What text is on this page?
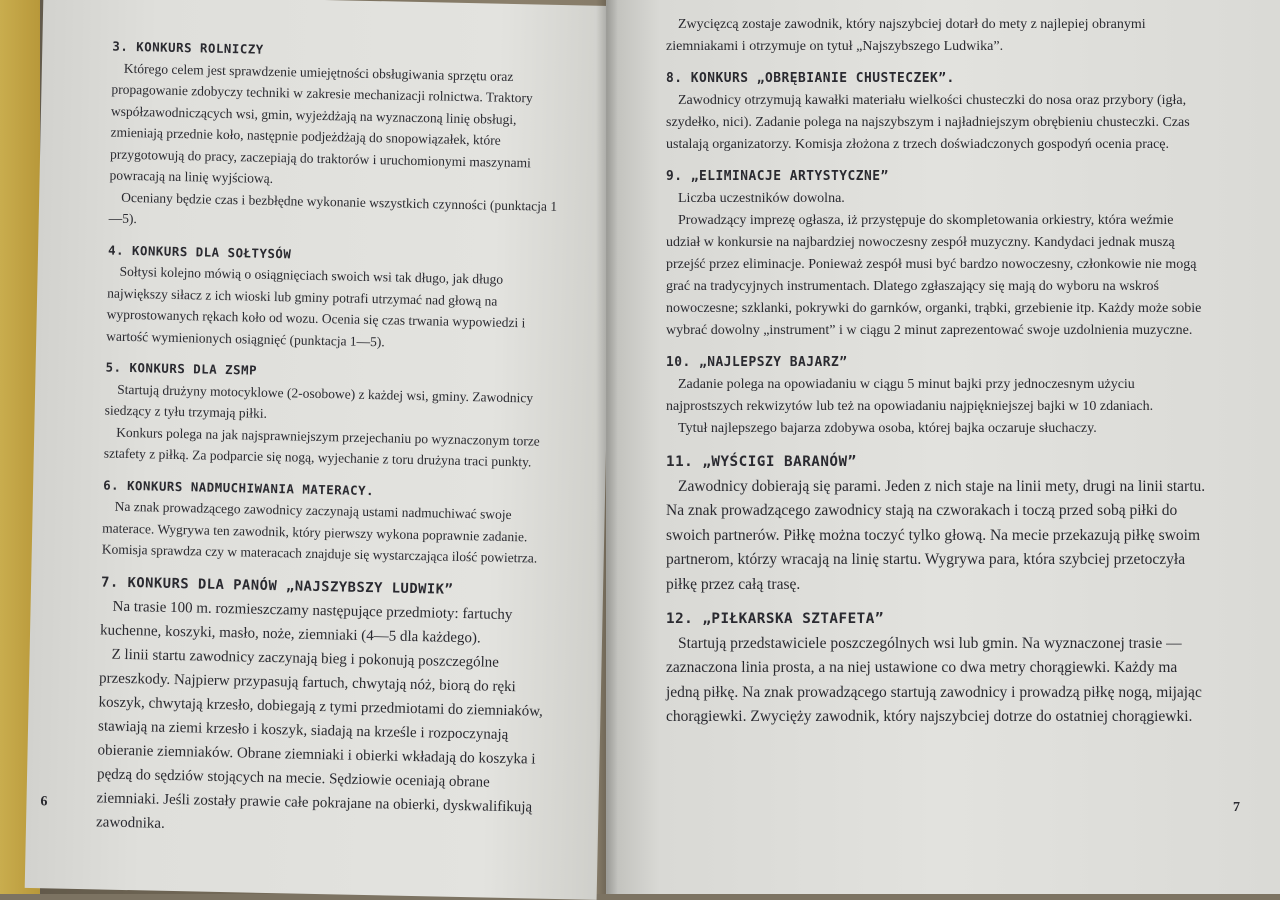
3. KONKURS ROLNICZY

Którego celem jest sprawdzenie umiejętności obsługiwania sprzętu oraz propagowanie zdobyczy techniki w zakresie mechanizacji rolnictwa. Traktory współzawodniczących wsi, gmin, wyjeżdżają na wyznaczoną linię obsługi, zmieniają przednie koło, następnie podjeżdżają do snopowiązałek, które przygotowują do pracy, zaczepiają do traktorów i uruchomionymi maszynami powracają na linię wyjściową.

Oceniany będzie czas i bezbłędne wykonanie wszystkich czynności (punktacja 1—5).

4. KONKURS DLA SOŁTYSÓW

Sołtysi kolejno mówią o osiągnięciach swoich wsi tak długo, jak długo największy siłacz z ich wioski lub gminy potrafi utrzymać nad głową na wyprostowanych rękach koło od wozu. Ocenia się czas trwania wypowiedzi i wartość wymienionych osiągnięć (punktacja 1—5).

5. KONKURS DLA ZSMP

Startują drużyny motocyklowe (2-osobowe) z każdej wsi, gminy. Zawodnicy siedzący z tyłu trzymają piłki.

Konkurs polega na jak najsprawniejszym przejechaniu po wyznaczonym torze sztafety z piłką. Za podparcie się nogą, wyjechanie z toru drużyna traci punkty.

6. KONKURS NADMUCHIWANIA MATERACY.

Na znak prowadzącego zawodnicy zaczynają ustami nadmuchiwać swoje materace. Wygrywa ten zawodnik, który pierwszy wykona poprawnie zadanie. Komisja sprawdza czy w materacach znajduje się wystarczająca ilość powietrza.

7. KONKURS DLA PANÓW „NAJSZYBSZY LUDWIK”

Na trasie 100 m. rozmieszczamy następujące przedmioty: fartuchy kuchenne, koszyki, masło, noże, ziemniaki (4—5 dla każdego).

Z linii startu zawodnicy zaczynają bieg i pokonują poszczególne przeszkody. Najpierw przypasują fartuch, chwytają nóż, biorą do ręki koszyk, chwytają krzesło, dobiegają z tymi przedmiotami do ziemniaków, stawiają na ziemi krzesło i koszyk, siadają na krześle i rozpoczynają obieranie ziemniaków. Obrane ziemniaki i obierki wkładają do koszyka i pędzą do sędziów stojących na mecie. Sędziowie oceniają obrane ziemniaki. Jeśli zostały prawie całe pokrajane na obierki, dyskwalifikują zawodnika.

6
Zwycięzcą zostaje zawodnik, który najszybciej dotarł do mety z najlepiej obranymi ziemniakami i otrzymuje on tytuł „Najszybszego Ludwika”.
8. KONKURS „OBRĘBIANIE CHUSTECZEK”.

Zawodnicy otrzymują kawałki materiału wielkości chusteczki do nosa oraz przybory (igła, szydełko, nici). Zadanie polega na najszybszym i najładniejszym obrębieniu chusteczki. Czas ustalają organizatorzy. Komisja złożona z trzech doświadczonych gospodyń ocenia pracę.

9. „ELIMINACJE ARTYSTYCZNE”

Liczba uczestników dowolna.

Prowadzący imprezę ogłasza, iż przystępuje do skompletowania orkiestry, która weźmie udział w konkursie na najbardziej nowoczesny zespół muzyczny. Kandydaci jednak muszą przejść przez eliminacje. Ponieważ zespół musi być bardzo nowoczesny, członkowie nie mogą grać na tradycyjnych instrumentach. Dlatego zgłaszający się mają do wyboru na wskroś nowoczesne; szklanki, pokrywki do garnków, organki, trąbki, grzebienie itp. Każdy może sobie wybrać dowolny „instrument” i w ciągu 2 minut zaprezentować swoje uzdolnienia muzyczne.

10. „NAJLEPSZY BAJARZ”

Zadanie polega na opowiadaniu w ciągu 5 minut bajki przy jednoczesnym użyciu najprostszych rekwizytów lub też na opowiadaniu najpiękniejszej bajki w 10 zdaniach.

Tytuł najlepszego bajarza zdobywa osoba, której bajka oczaruje słuchaczy.

11. „WYŚCIGI BARANÓW”

Zawodnicy dobierają się parami. Jeden z nich staje na linii mety, drugi na linii startu. Na znak prowadzącego zawodnicy stają na czworakach i toczą przed sobą piłki do swoich partnerów. Piłkę można toczyć tylko głową. Na mecie przekazują piłkę swoim partnerom, którzy wracają na linię startu. Wygrywa para, która szybciej przetoczyła piłkę przez całą trasę.

12. „PIŁKARSKA SZTAFETA”

Startują przedstawiciele poszczególnych wsi lub gmin. Na wyznaczonej trasie — zaznaczona linia prosta, a na niej ustawione co dwa metry chorągiewki. Każdy ma jedną piłkę. Na znak prowadzącego startują zawodnicy i prowadzą piłkę nogą, mijając chorągiewki. Zwycięży zawodnik, który najszybciej dotrze do ostatniej chorągiewki.

7
